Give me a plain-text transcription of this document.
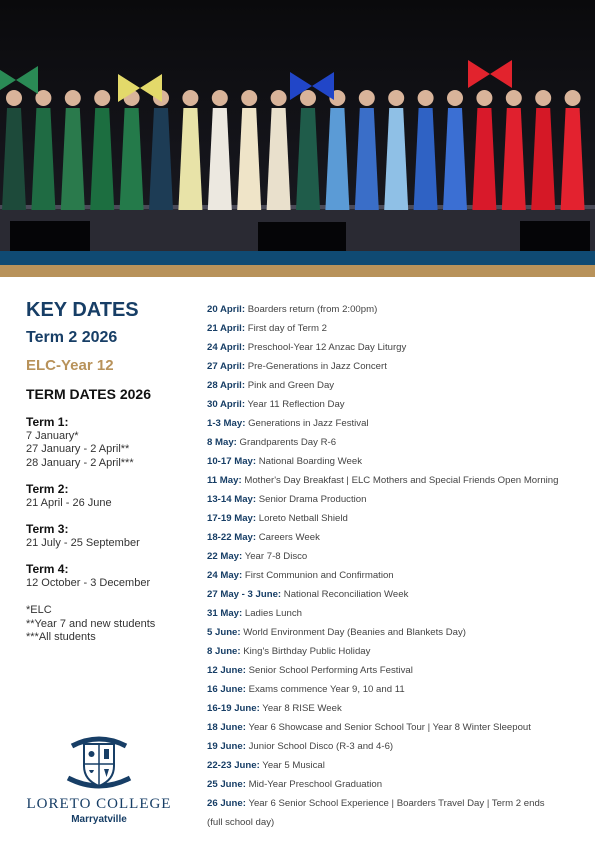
KEY DATES
Term 2 2026
ELC-Year 12
TERM DATES 2026
Term 1:
7 January*
27 January - 2 April**
28 January - 2 April***
Term 2:
21 April - 26 June
Term 3:
21 July - 25 September
Term 4:
12 October - 3 December
*ELC
**Year 7 and new students
***All students
20 April: Boarders return (from 2:00pm)
21 April: First day of Term 2
24 April: Preschool-Year 12 Anzac Day Liturgy
27 April: Pre-Generations in Jazz Concert
28 April: Pink and Green Day
30 April: Year 11 Reflection Day
1-3 May: Generations in Jazz Festival
8 May: Grandparents Day R-6
10-17 May: National Boarding Week
11 May: Mother's Day Breakfast | ELC Mothers and Special Friends Open Morning
13-14 May: Senior Drama Production
17-19 May: Loreto Netball Shield
18-22 May: Careers Week
22 May: Year 7-8 Disco
24 May: First Communion and Confirmation
27 May - 3 June: National Reconciliation Week
31 May: Ladies Lunch
5 June: World Environment Day (Beanies and Blankets Day)
8 June: King's Birthday Public Holiday
12 June: Senior School Performing Arts Festival
16 June: Exams commence Year 9, 10 and 11
16-19 June: Year 8 RISE Week
18 June: Year 6 Showcase and Senior School Tour | Year 8 Winter Sleepout
19 June: Junior School Disco (R-3 and 4-6)
22-23 June: Year 5 Musical
25 June: Mid-Year Preschool Graduation
26 June: Year 6 Senior School Experience | Boarders Travel Day | Term 2 ends
(full school day)
LORETO COLLEGE
Marryatville
